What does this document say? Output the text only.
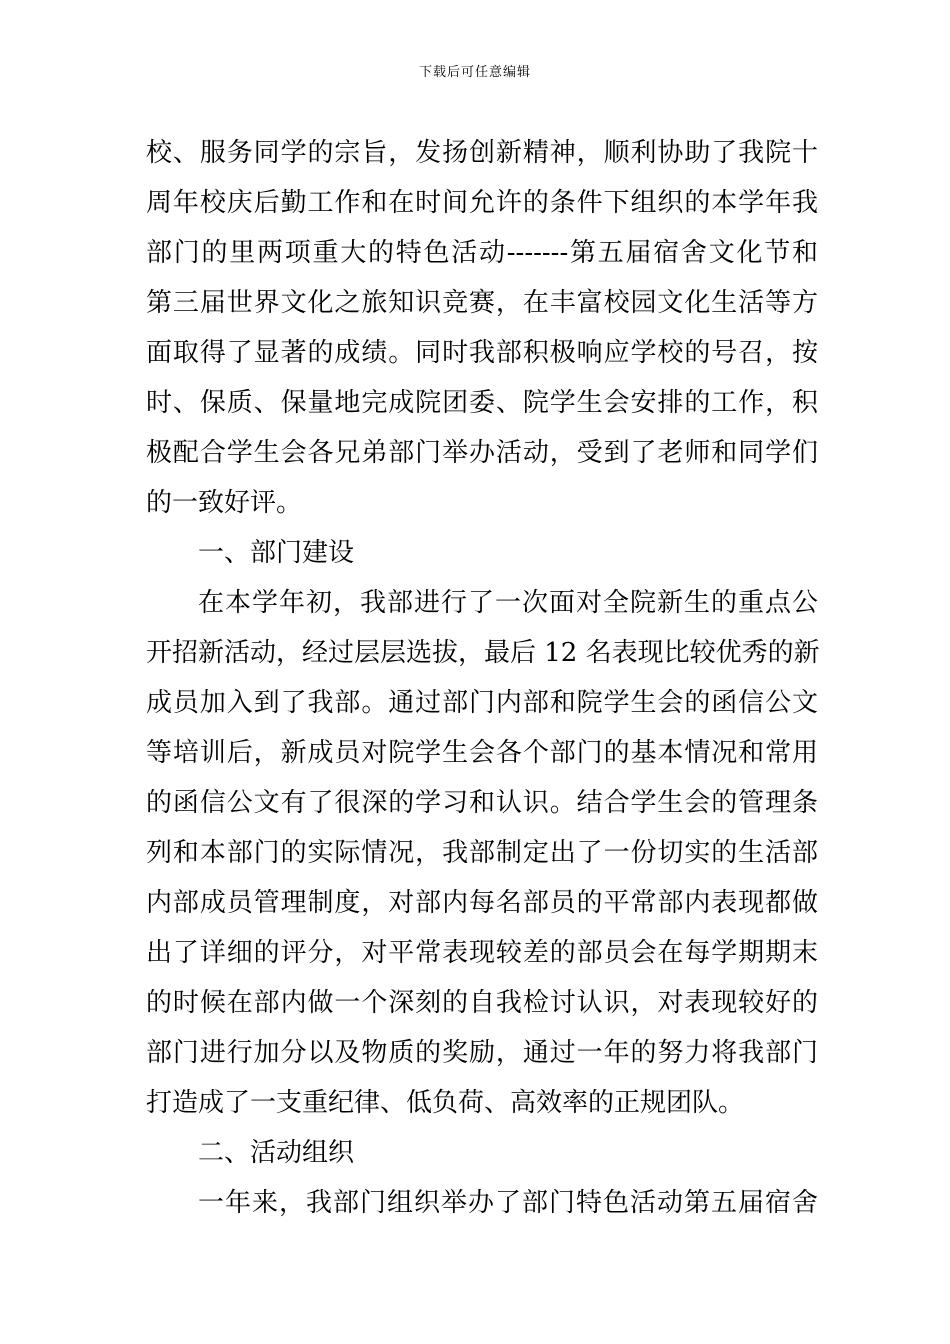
下载后可任意编辑
校、服务同学的宗旨，发扬创新精神，顺利协助了我院十
周年校庆后勤工作和在时间允许的条件下组织的本学年我
部门的里两项重大的特色活动-------第五届宿舍文化节和
第三届世界文化之旅知识竞赛，在丰富校园文化生活等方
面取得了显著的成绩。同时我部积极响应学校的号召，按
时、保质、保量地完成院团委、院学生会安排的工作，积
极配合学生会各兄弟部门举办活动，受到了老师和同学们
的一致好评。
一、部门建设
在本学年初，我部进行了一次面对全院新生的重点公
开招新活动，经过层层选拔，最后 12 名表现比较优秀的新
成员加入到了我部。通过部门内部和院学生会的函信公文
等培训后，新成员对院学生会各个部门的基本情况和常用
的函信公文有了很深的学习和认识。结合学生会的管理条
列和本部门的实际情况，我部制定出了一份切实的生活部
内部成员管理制度，对部内每名部员的平常部内表现都做
出了详细的评分，对平常表现较差的部员会在每学期期末
的时候在部内做一个深刻的自我检讨认识，对表现较好的
部门进行加分以及物质的奖励，通过一年的努力将我部门
打造成了一支重纪律、低负荷、高效率的正规团队。
二、活动组织
一年来，我部门组织举办了部门特色活动第五届宿舍
